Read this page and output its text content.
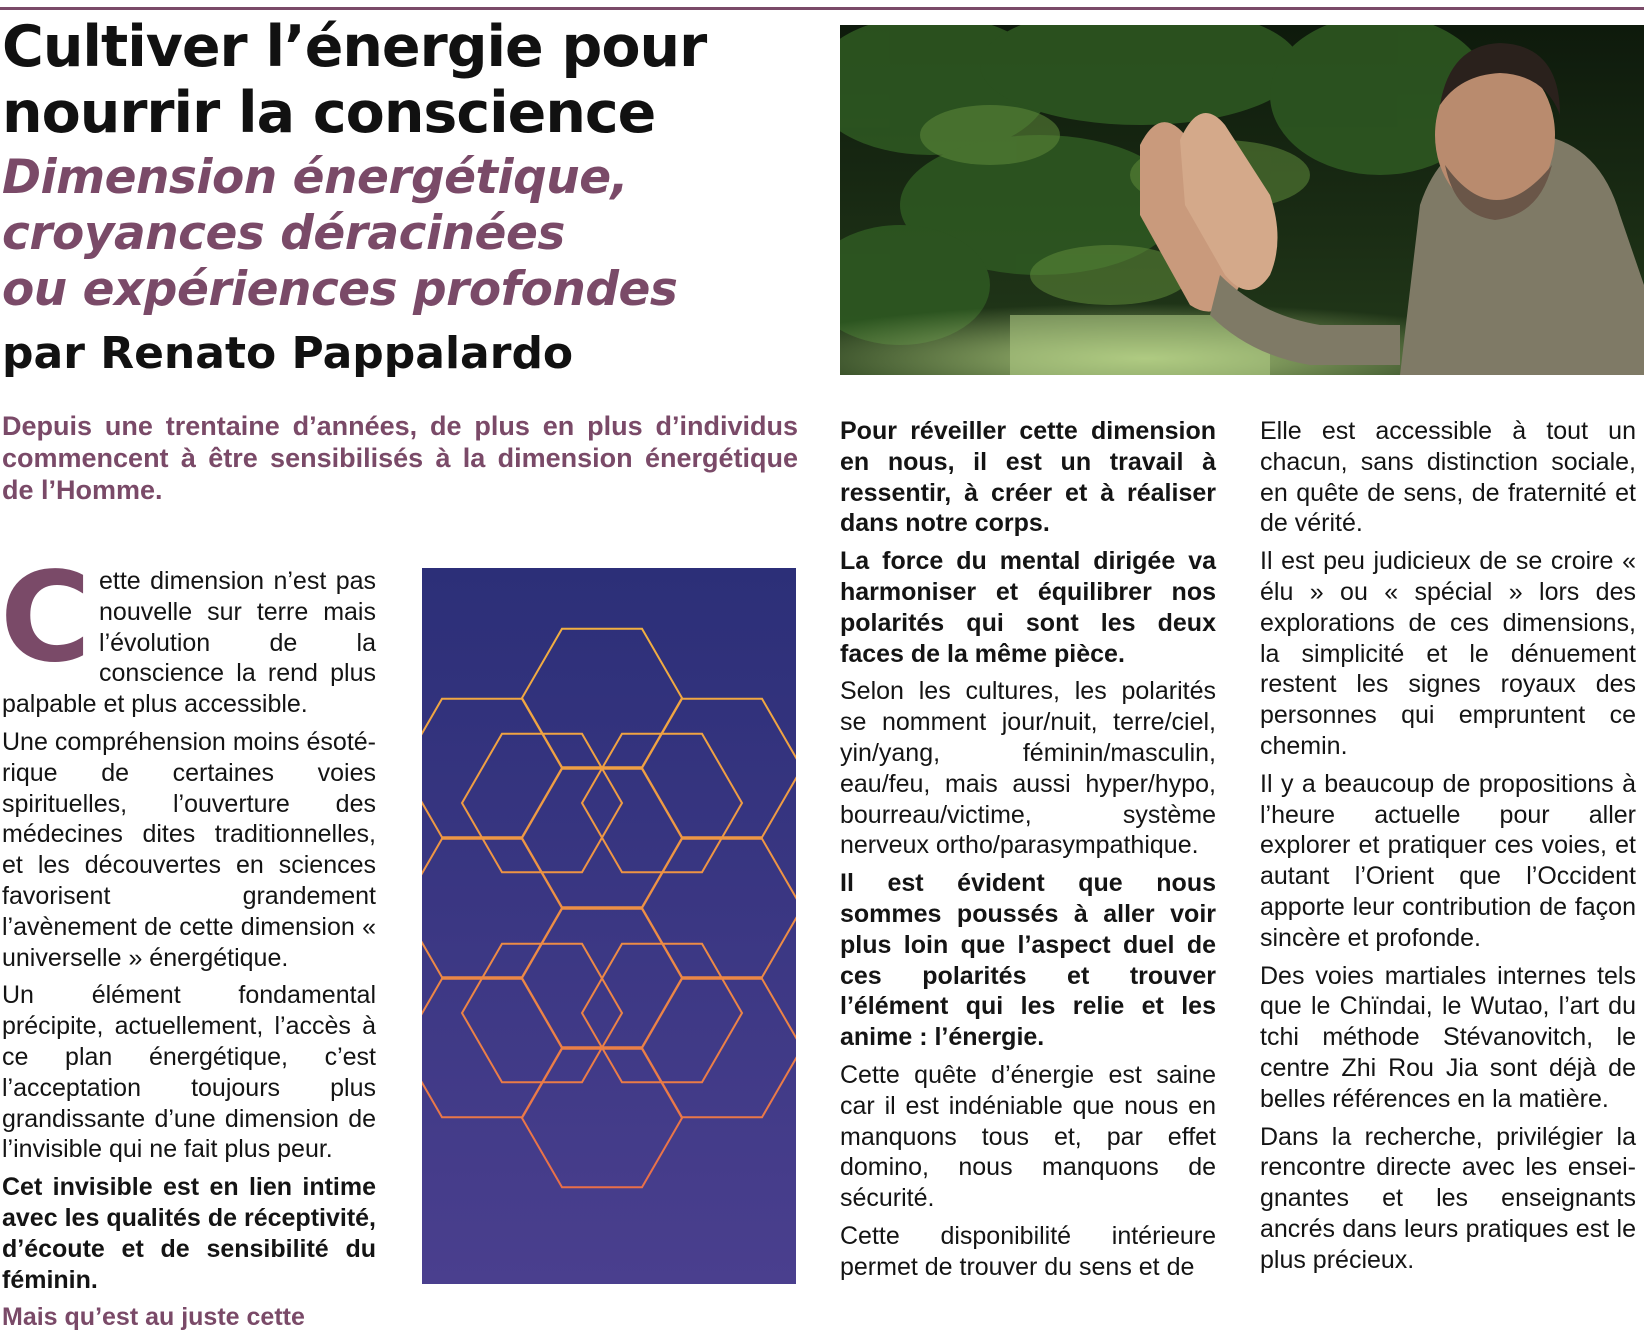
Cultiver l’énergie pour
nourrir la conscience
Dimension énergétique,
croyances déracinées
ou expériences profondes
par Renato Pappalardo

Depuis une trentaine d’années, de plus en plus d’individus commencent à être sensibilisés à la dimension énergétique de l’Homme.

Cette dimension n’est pas nouvelle sur terre mais l’évolution de la conscience la rend plus palpable et plus accessible.

Une compréhension moins ésoté-rique de certaines voies spirituelles, l’ouverture des médecines dites traditionnelles, et les découvertes en sciences favorisent grandement l’avènement de cette dimension « universelle » énergétique.

Un élément fondamental précipite, actuellement, l’accès à ce plan énergétique, c’est l’acceptation toujours plus grandissante d’une dimension de l’invisible qui ne fait plus peur.

Cet invisible est en lien intime avec les qualités de réceptivité, d’écoute et de sensibilité du féminin.

Mais qu’est au juste cette

Pour réveiller cette dimension en nous, il est un travail à ressentir, à créer et à réaliser dans notre corps.

La force du mental dirigée va harmoniser et équilibrer nos polarités qui sont les deux faces de la même pièce.

Selon les cultures, les polarités se nomment jour/nuit, terre/ciel, yin/yang, féminin/masculin, eau/feu, mais aussi hyper/hypo, bourreau/victime, système nerveux ortho/parasympathique.

Il est évident que nous sommes poussés à aller voir plus loin que l’aspect duel de ces polarités et trouver l’élément qui les relie et les anime : l’énergie.

Cette quête d’énergie est saine car il est indéniable que nous en manquons tous et, par effet domino, nous manquons de sécurité.

Cette disponibilité intérieure permet de trouver du sens et de

Elle est accessible à tout un chacun, sans distinction sociale, en quête de sens, de fraternité et de vérité.

Il est peu judicieux de se croire « élu » ou « spécial » lors des explorations de ces dimensions, la simplicité et le dénuement restent les signes royaux des personnes qui empruntent ce chemin.

Il y a beaucoup de propositions à l’heure actuelle pour aller explorer et pratiquer ces voies, et autant l’Orient que l’Occident apporte leur contribution de façon sincère et profonde.

Des voies martiales internes tels que le Chïndai, le Wutao, l’art du tchi méthode Stévanovitch, le centre Zhi Rou Jia sont déjà de belles références en la matière.

Dans la recherche, privilégier la rencontre directe avec les ensei-gnantes et les enseignants ancrés dans leurs pratiques est le plus précieux.
